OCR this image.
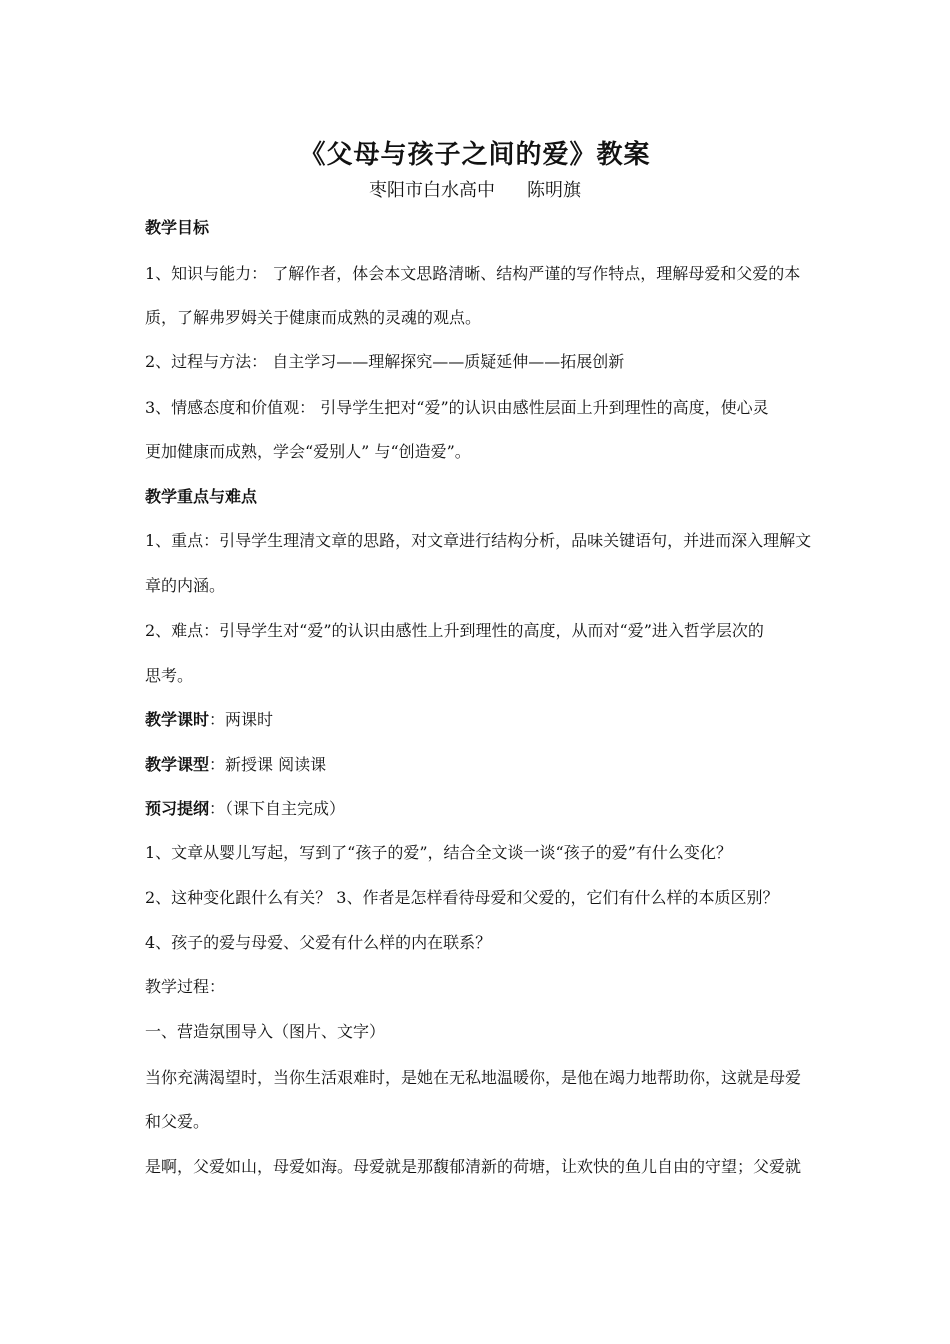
《父母与孩子之间的爱》教案
枣阳市白水高中 陈明旗
教学目标
1、知识与能力： 了解作者，体会本文思路清晰、结构严谨的写作特点，理解母爱和父爱的本
质，了解弗罗姆关于健康而成熟的灵魂的观点。
2、过程与方法： 自主学习——理解探究——质疑延伸——拓展创新
3、情感态度和价值观： 引导学生把对“爱”的认识由感性层面上升到理性的高度，使心灵
更加健康而成熟，学会“爱别人” 与“创造爱”。
教学重点与难点
1、重点：引导学生理清文章的思路，对文章进行结构分析，品味关键语句，并进而深入理解文
章的内涵。
2、难点：引导学生对“爱”的认识由感性上升到理性的高度，从而对“爱”进入哲学层次的
思考。
教学课时：两课时
教学课型：新授课 阅读课
预习提纲：（课下自主完成）
1、文章从婴儿写起，写到了“孩子的爱”，结合全文谈一谈“孩子的爱”有什么变化？
2、这种变化跟什么有关？ 3、作者是怎样看待母爱和父爱的，它们有什么样的本质区别？
4、孩子的爱与母爱、父爱有什么样的内在联系？
教学过程：
一、营造氛围导入（图片、文字）
当你充满渴望时，当你生活艰难时，是她在无私地温暖你，是他在竭力地帮助你，这就是母爱
和父爱。
是啊，父爱如山，母爱如海。母爱就是那馥郁清新的荷塘，让欢快的鱼儿自由的守望；父爱就
